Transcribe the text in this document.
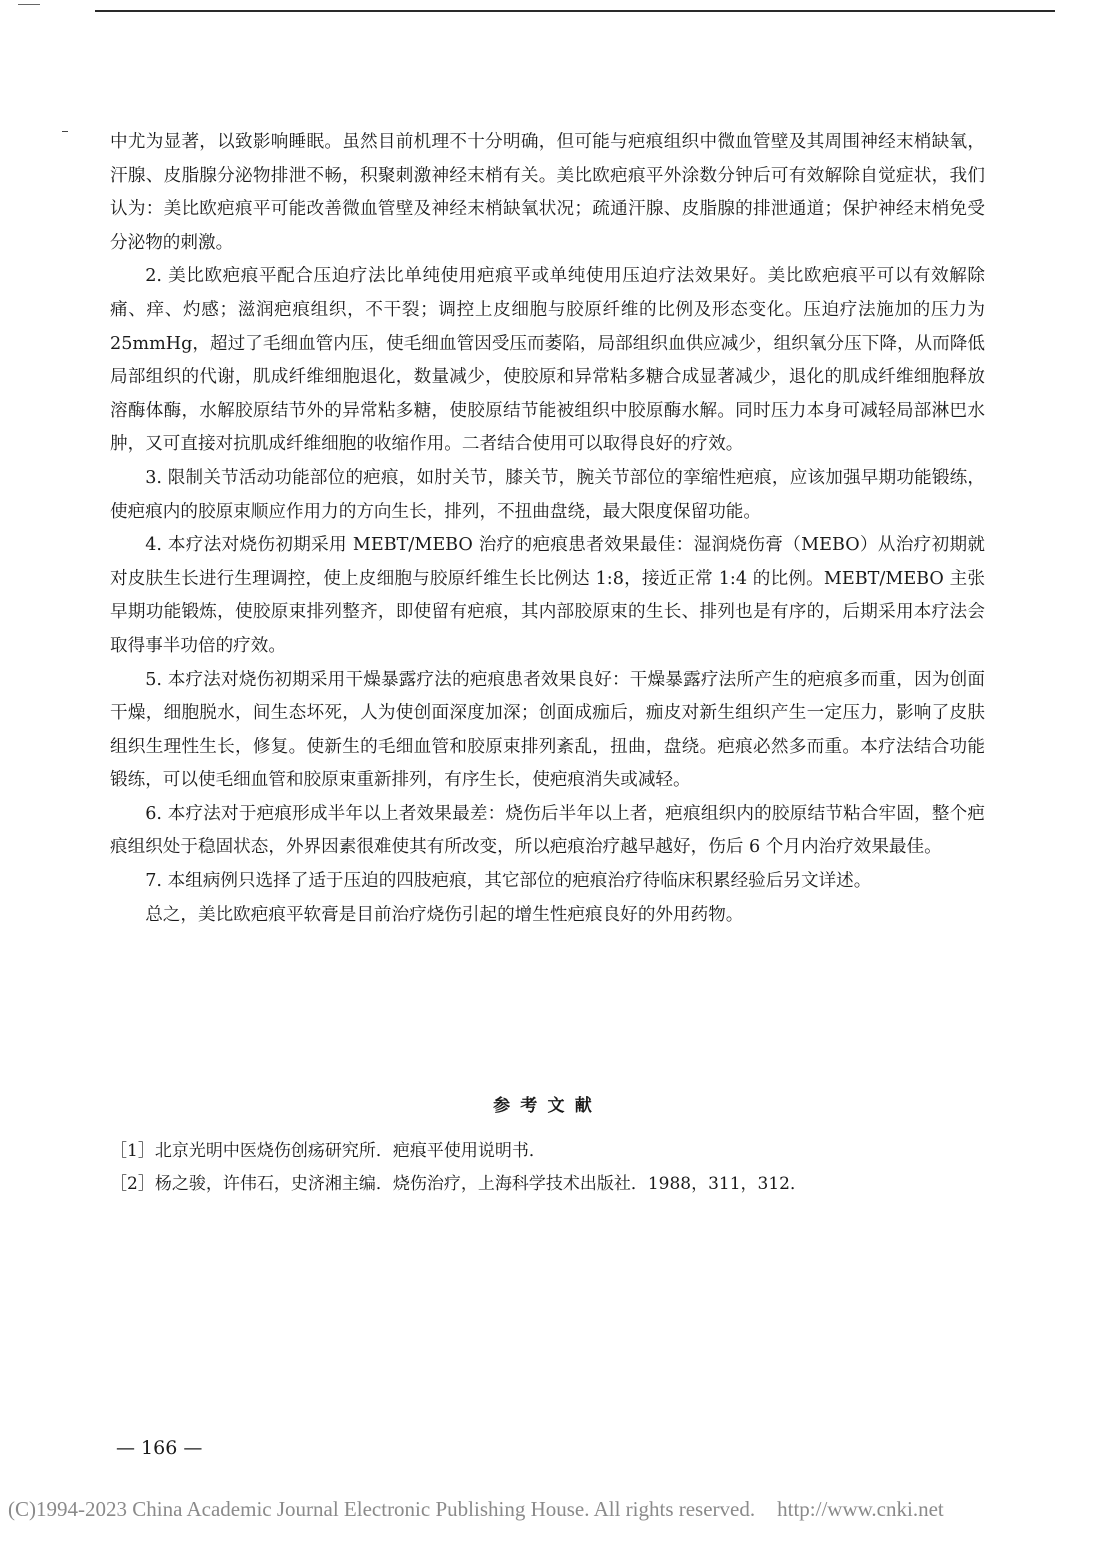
中尤为显著，以致影响睡眠。虽然目前机理不十分明确，但可能与疤痕组织中微血管壁及其周围神经末梢缺氧，汗腺、皮脂腺分泌物排泄不畅，积聚刺激神经末梢有关。美比欧疤痕平外涂数分钟后可有效解除自觉症状，我们认为：美比欧疤痕平可能改善微血管壁及神经末梢缺氧状况；疏通汗腺、皮脂腺的排泄通道；保护神经末梢免受分泌物的刺激。

2. 美比欧疤痕平配合压迫疗法比单纯使用疤痕平或单纯使用压迫疗法效果好。美比欧疤痕平可以有效解除痛、痒、灼感；滋润疤痕组织，不干裂；调控上皮细胞与胶原纤维的比例及形态变化。压迫疗法施加的压力为 25mmHg，超过了毛细血管内压，使毛细血管因受压而萎陷，局部组织血供应减少，组织氧分压下降，从而降低局部组织的代谢，肌成纤维细胞退化，数量减少，使胶原和异常粘多糖合成显著减少，退化的肌成纤维细胞释放溶酶体酶，水解胶原结节外的异常粘多糖，使胶原结节能被组织中胶原酶水解。同时压力本身可减轻局部淋巴水肿，又可直接对抗肌成纤维细胞的收缩作用。二者结合使用可以取得良好的疗效。

3. 限制关节活动功能部位的疤痕，如肘关节，膝关节，腕关节部位的挛缩性疤痕，应该加强早期功能锻练，使疤痕内的胶原束顺应作用力的方向生长，排列，不扭曲盘绕，最大限度保留功能。

4. 本疗法对烧伤初期采用 MEBT/MEBO 治疗的疤痕患者效果最佳：湿润烧伤膏（MEBO）从治疗初期就对皮肤生长进行生理调控，使上皮细胞与胶原纤维生长比例达 1:8，接近正常 1:4 的比例。MEBT/MEBO 主张早期功能锻炼，使胶原束排列整齐，即使留有疤痕，其内部胶原束的生长、排列也是有序的，后期采用本疗法会取得事半功倍的疗效。

5. 本疗法对烧伤初期采用干燥暴露疗法的疤痕患者效果良好：干燥暴露疗法所产生的疤痕多而重，因为创面干燥，细胞脱水，间生态坏死，人为使创面深度加深；创面成痂后，痂皮对新生组织产生一定压力，影响了皮肤组织生理性生长，修复。使新生的毛细血管和胶原束排列紊乱，扭曲，盘绕。疤痕必然多而重。本疗法结合功能锻练，可以使毛细血管和胶原束重新排列，有序生长，使疤痕消失或减轻。

6. 本疗法对于疤痕形成半年以上者效果最差：烧伤后半年以上者，疤痕组织内的胶原结节粘合牢固，整个疤痕组织处于稳固状态，外界因素很难使其有所改变，所以疤痕治疗越早越好，伤后 6 个月内治疗效果最佳。

7. 本组病例只选择了适于压迫的四肢疤痕，其它部位的疤痕治疗待临床积累经验后另文详述。

总之，美比欧疤痕平软膏是目前治疗烧伤引起的增生性疤痕良好的外用药物。

参考文献

［1］北京光明中医烧伤创疡研究所．疤痕平使用说明书．

［2］杨之骏，许伟石，史济湘主编．烧伤治疗，上海科学技术出版社．1988，311，312．

— 166 —
(C)1994-2023 China Academic Journal Electronic Publishing House. All rights reserved. http://www.cnki.net
